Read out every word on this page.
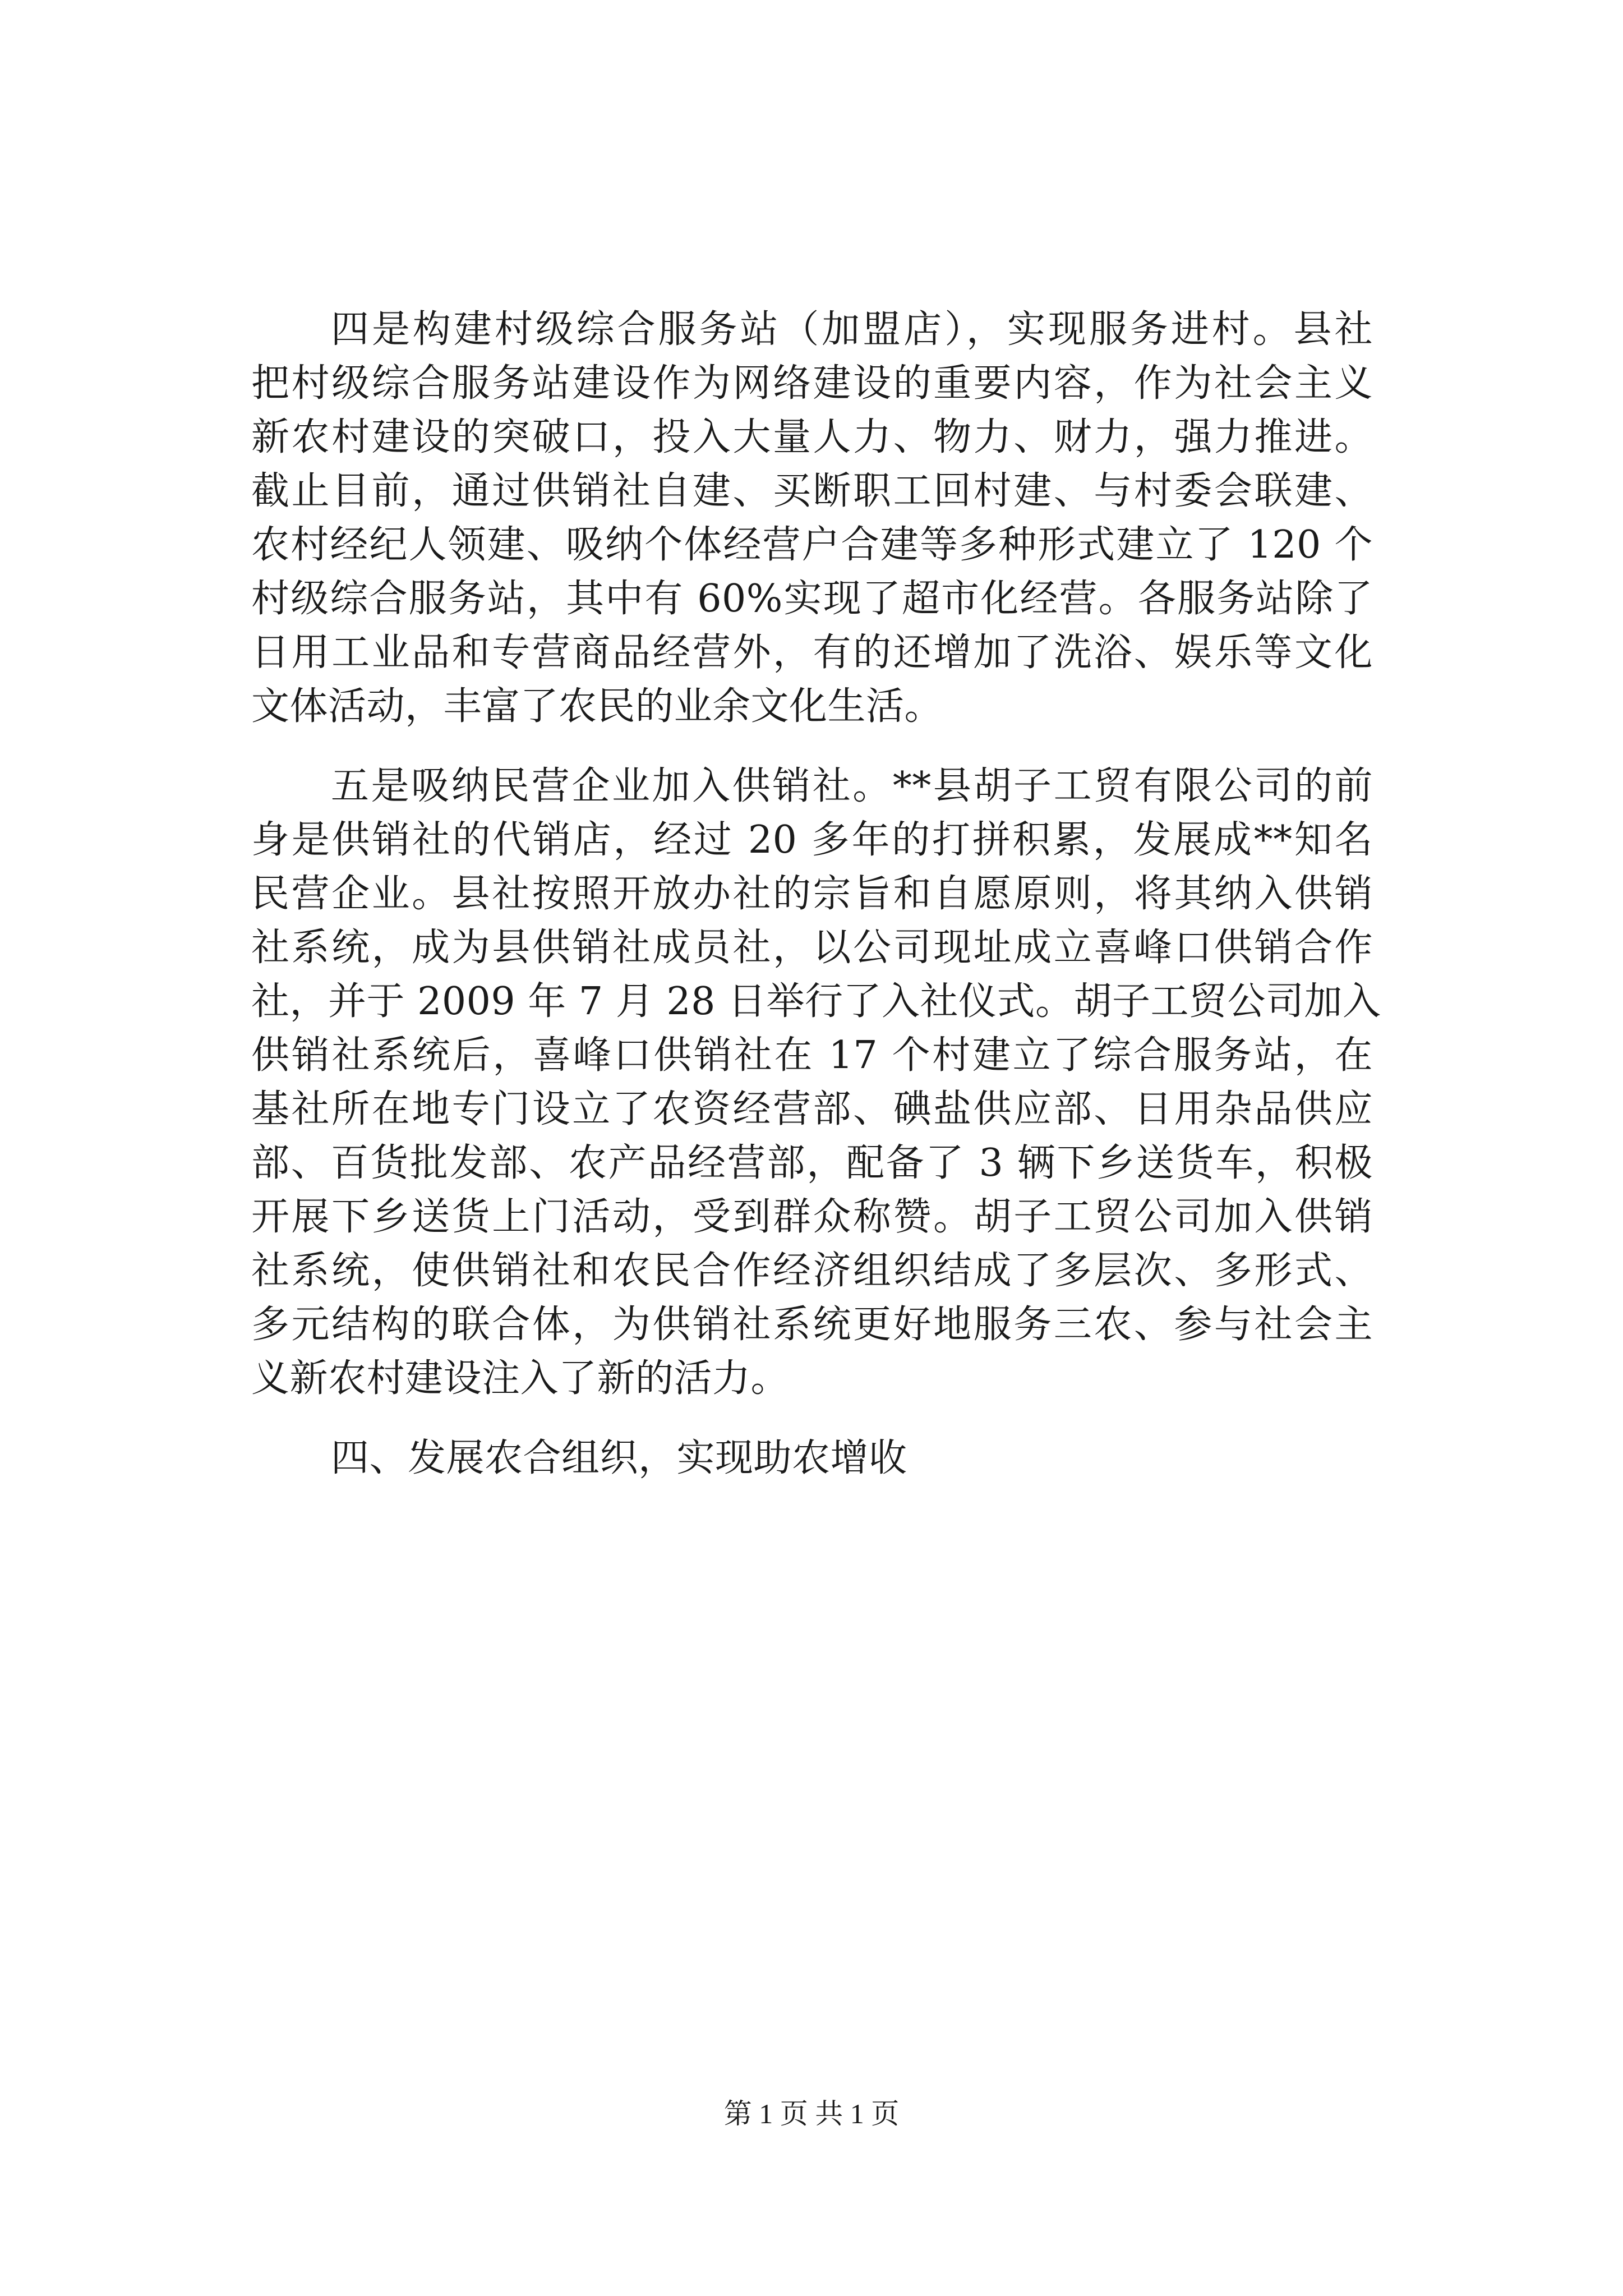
四是构建村级综合服务站（加盟店），实现服务进村。县社
把村级综合服务站建设作为网络建设的重要内容，作为社会主义
新农村建设的突破口，投入大量人力、物力、财力，强力推进。
截止目前，通过供销社自建、买断职工回村建、与村委会联建、
农村经纪人领建、吸纳个体经营户合建等多种形式建立了 120 个
村级综合服务站，其中有 60%实现了超市化经营。各服务站除了
日用工业品和专营商品经营外，有的还增加了洗浴、娱乐等文化
文体活动，丰富了农民的业余文化生活。
五是吸纳民营企业加入供销社。**县胡子工贸有限公司的前
身是供销社的代销店，经过 20 多年的打拼积累，发展成**知名
民营企业。县社按照开放办社的宗旨和自愿原则，将其纳入供销
社系统，成为县供销社成员社，以公司现址成立喜峰口供销合作
社，并于 2009 年 7 月 28 日举行了入社仪式。胡子工贸公司加入
供销社系统后，喜峰口供销社在 17 个村建立了综合服务站，在
基社所在地专门设立了农资经营部、碘盐供应部、日用杂品供应
部、百货批发部、农产品经营部，配备了 3 辆下乡送货车，积极
开展下乡送货上门活动，受到群众称赞。胡子工贸公司加入供销
社系统，使供销社和农民合作经济组织结成了多层次、多形式、
多元结构的联合体，为供销社系统更好地服务三农、参与社会主
义新农村建设注入了新的活力。
四、发展农合组织，实现助农增收
第 1 页 共 1 页
